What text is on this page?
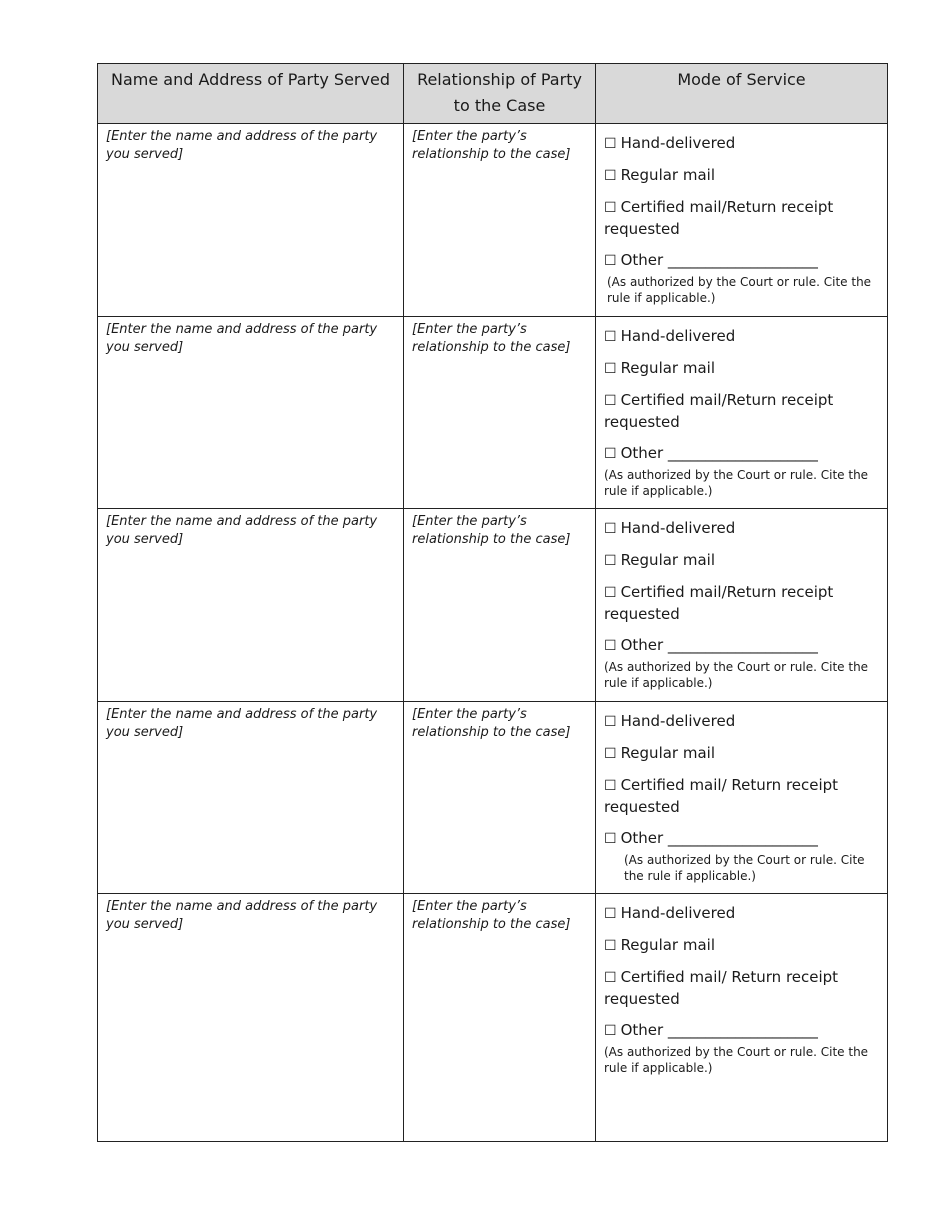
Name and Address of Party Served	Relationship of Party to the Case	Mode of Service
[Enter the name and address of the party you served]	[Enter the party’s relationship to the case]	☐ Hand-delivered
☐ Regular mail
☐ Certified mail/Return receipt requested
☐ Other ____________________
(As authorized by the Court or rule. Cite the rule if applicable.)

[Enter the name and address of the party you served]	[Enter the party’s relationship to the case]	☐ Hand-delivered
☐ Regular mail
☐ Certified mail/Return receipt requested
☐ Other ____________________
(As authorized by the Court or rule. Cite the rule if applicable.)

[Enter the name and address of the party you served]	[Enter the party’s relationship to the case]	☐ Hand-delivered
☐ Regular mail
☐ Certified mail/Return receipt requested
☐ Other ____________________
(As authorized by the Court or rule. Cite the rule if applicable.)

[Enter the name and address of the party you served]	[Enter the party’s relationship to the case]	☐ Hand-delivered
☐ Regular mail
☐ Certified mail/ Return receipt requested
☐ Other ____________________
(As authorized by the Court or rule. Cite the rule if applicable.)

[Enter the name and address of the party you served]	[Enter the party’s relationship to the case]	☐ Hand-delivered
☐ Regular mail
☐ Certified mail/ Return receipt requested
☐ Other ____________________
(As authorized by the Court or rule. Cite the rule if applicable.)
